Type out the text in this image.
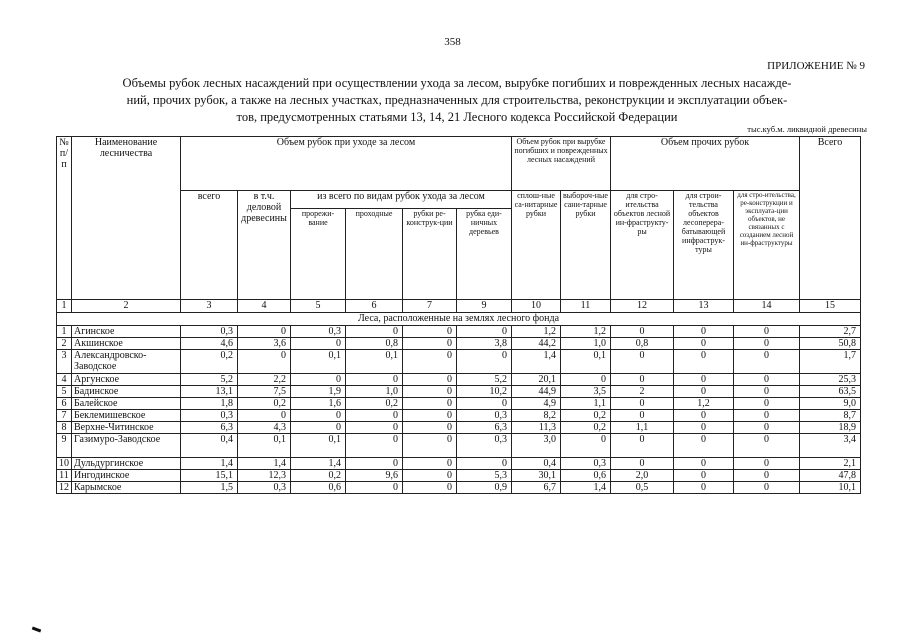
358
ПРИЛОЖЕНИЕ № 9
Объемы рубок лесных насаждений при осуществлении ухода за лесом, вырубке погибших и поврежденных лесных насажде-
ний, прочих рубок, а также на лесных участках, предназначенных для строительства, реконструкции и эксплуатации объек-
тов, предусмотренных статьями 13, 14, 21 Лесного кодекса Российской Федерации
тыс.куб.м. ликвидной древесины
№ п/ п	Наименование лесничества	Объем рубок при уходе за лесом						Объем рубок при вырубке погибших и поврежденных лесных насаждений		Объем прочих рубок			Всего
		всего	в т.ч. деловой древесины	из всего по видам рубок ухода за лесом				сплош-ные са-нитарные рубки	выбороч-ные сани-тарные рубки	для стро-ительства объектов лесной ин-фраструкту-ры	для строи-тельства объектов лесоперера-батывающей инфраструк-туры	для стро-ительства, ре-конструкции и эксплуата-ции объектов, не связанных с созданием лесной ин-фраструктуры	
				прорежи-вание	проходные	рубки ре-конструк-ции	рубка еди-ничных деревьев						
1	2	3	4	5	6	7	9	10	11	12	13	14	15
Леса, расположенные на землях лесного фонда													
1	Агинское	0,3	0	0,3	0	0	0	1,2	1,2	0	0	0	2,7
2	Акшинское	4,6	3,6	0	0,8	0	3,8	44,2	1,0	0,8	0	0	50,8
3	Александровско-Заводское	0,2	0	0,1	0,1	0	0	1,4	0,1	0	0	0	1,7
4	Аргунское	5,2	2,2	0	0	0	5,2	20,1	0	0	0	0	25,3
5	Бадинское	13,1	7,5	1,9	1,0	0	10,2	44,9	3,5	2	0	0	63,5
6	Балейское	1,8	0,2	1,6	0,2	0	0	4,9	1,1	0	1,2	0	9,0
7	Беклемишевское	0,3	0	0	0	0	0,3	8,2	0,2	0	0	0	8,7
8	Верхне-Читинское	6,3	4,3	0	0	0	6,3	11,3	0,2	1,1	0	0	18,9
9	Газимуро-Заводское	0,4	0,1	0,1	0	0	0,3	3,0	0	0	0	0	3,4
10	Дульдургинское	1,4	1,4	1,4	0	0	0	0,4	0,3	0	0	0	2,1
11	Ингодинское	15,1	12,3	0,2	9,6	0	5,3	30,1	0,6	2,0	0	0	47,8
12	Карымское	1,5	0,3	0,6	0	0	0,9	6,7	1,4	0,5	0	0	10,1
